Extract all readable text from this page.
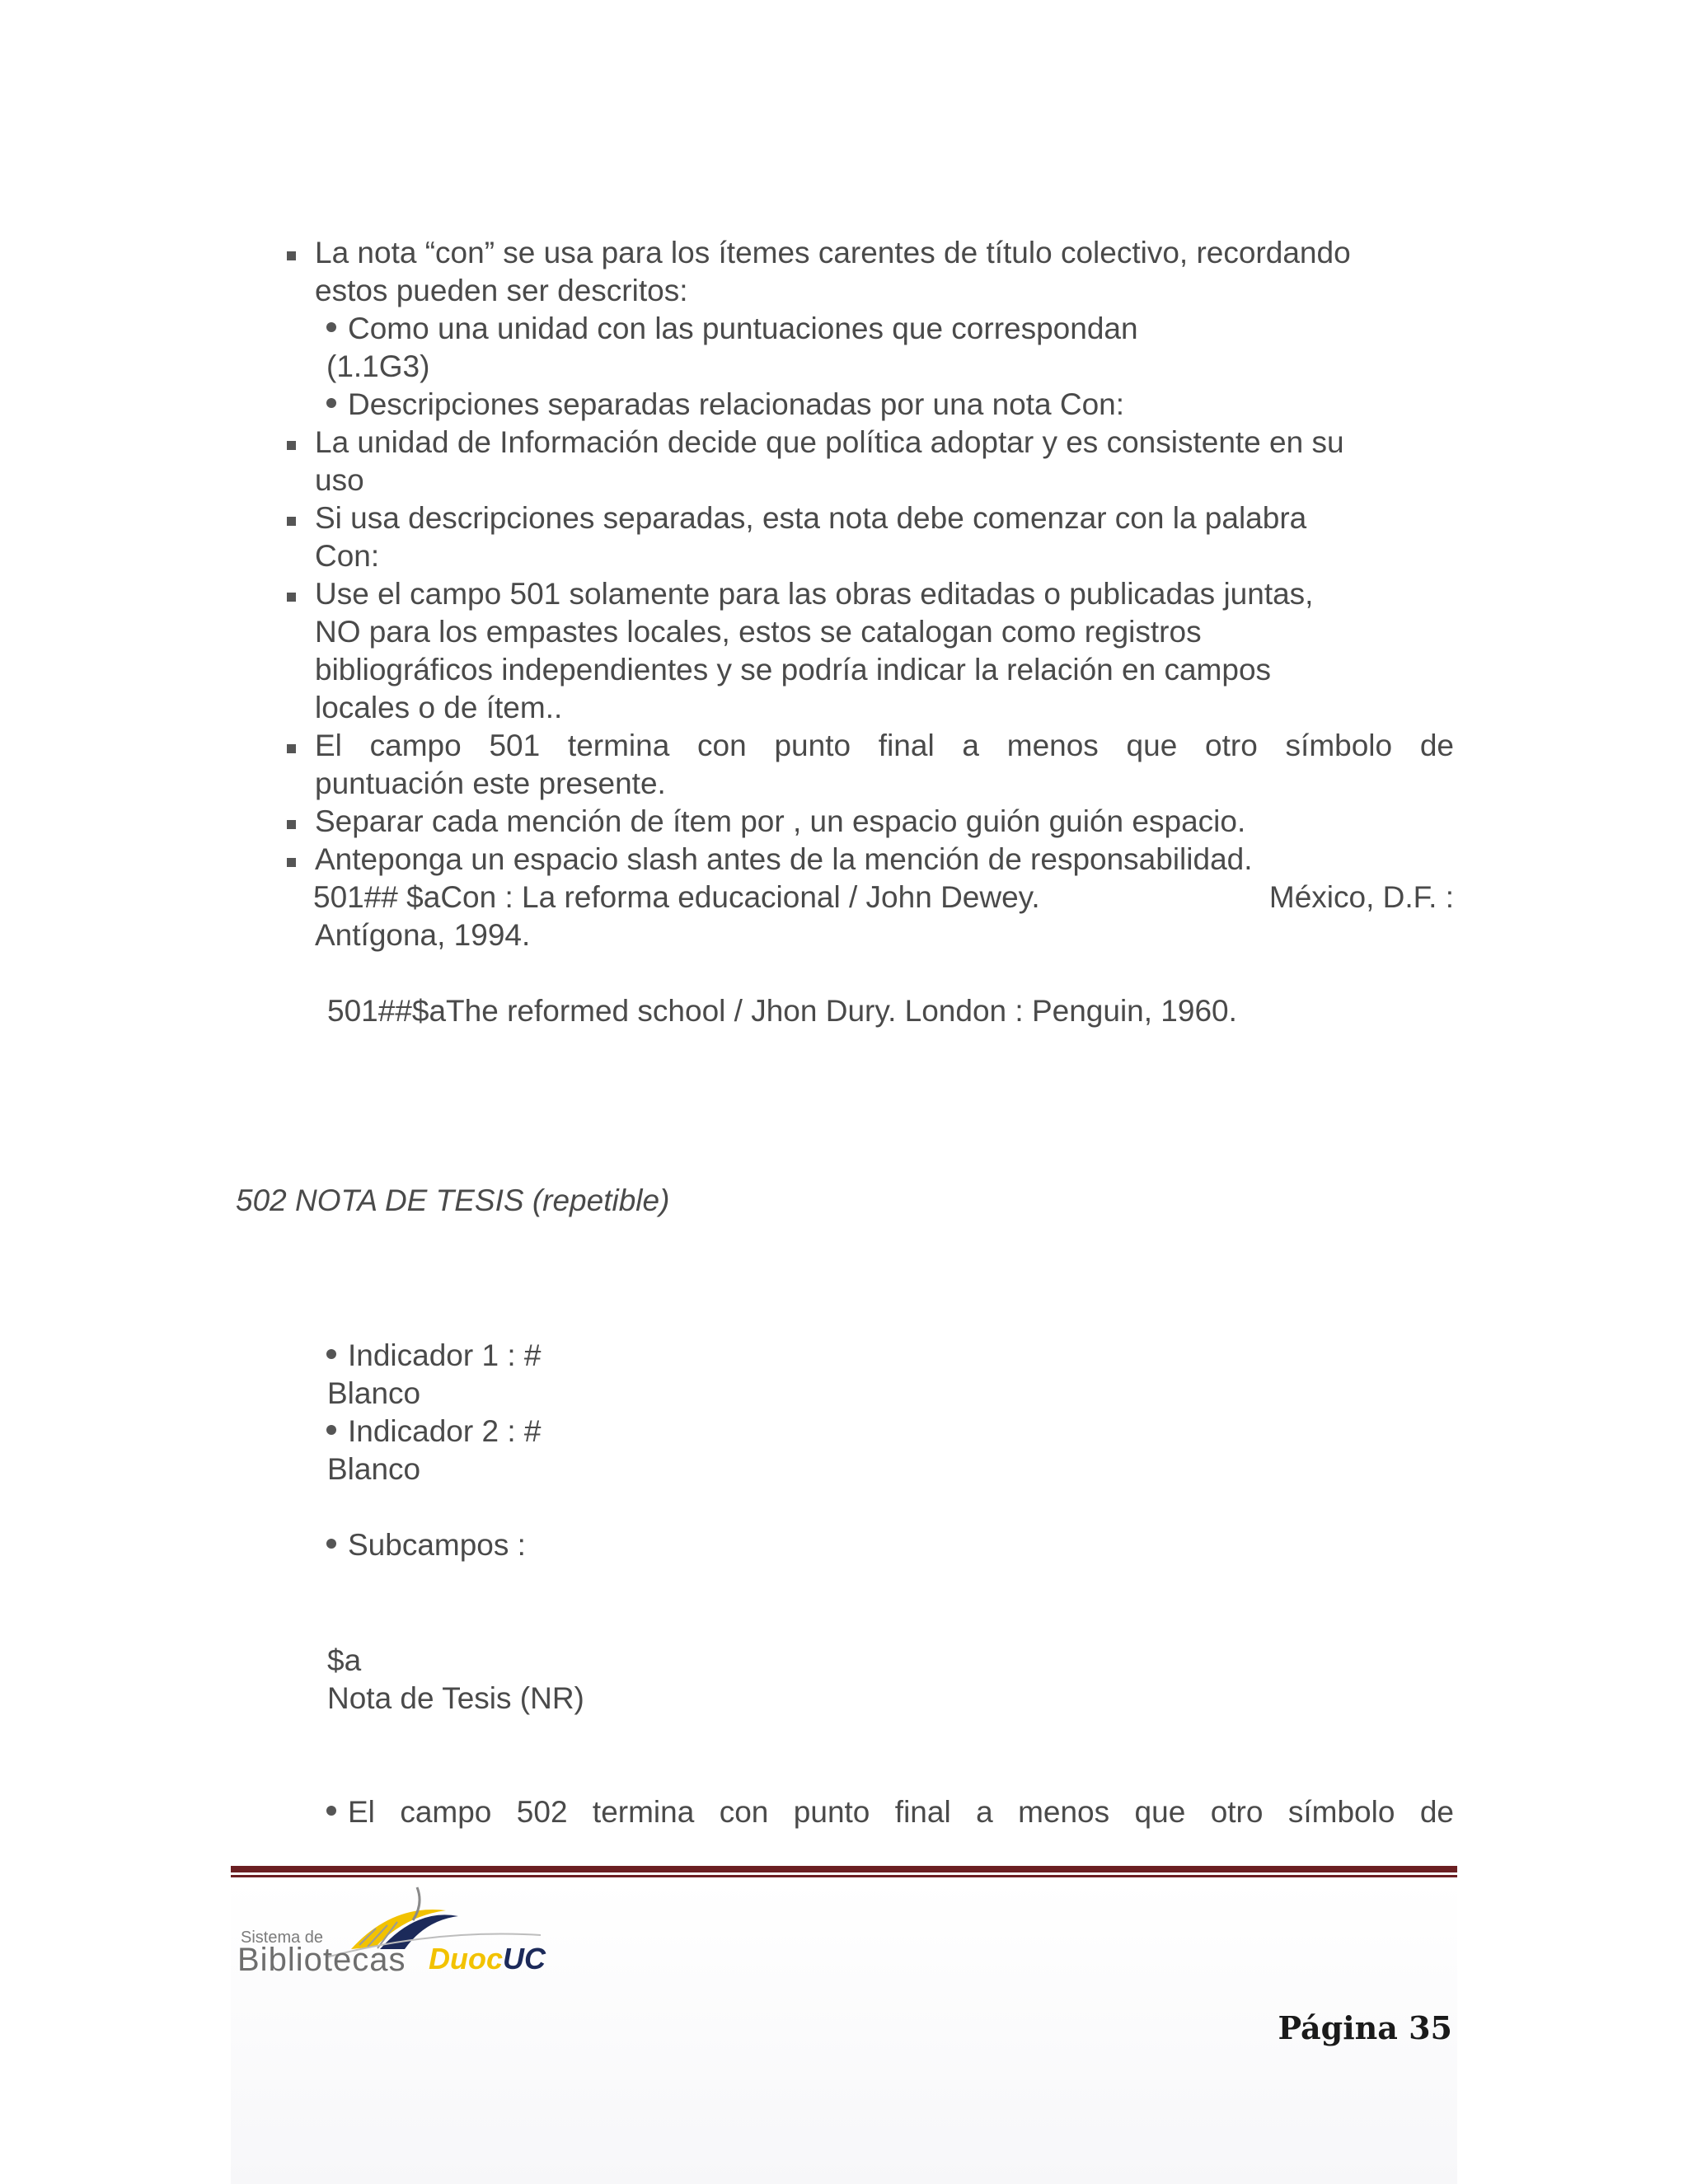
La nota “con” se usa para los ítemes carentes de título colectivo, recordando

estos pueden ser descritos:

Como una unidad con las puntuaciones que correspondan

(1.1G3)

Descripciones separadas relacionadas por una nota Con:

La unidad de Información decide que política adoptar y es consistente en su

uso

Si usa descripciones separadas, esta nota debe comenzar con la palabra

Con:

Use el campo 501 solamente para las obras editadas o publicadas juntas,

NO para los empastes locales, estos se catalogan como registros

bibliográficos independientes y se podría indicar la relación en campos

locales o de ítem..

El campo 501 termina con punto final a menos que otro símbolo de

puntuación este presente.

Separar cada mención de ítem por , un espacio guión guión espacio.

Anteponga un espacio slash antes de la mención de responsabilidad.

501## $aCon : La reforma educacional / John Dewey.	México, D.F. :

Antígona, 1994.

501##$aThe reformed school / Jhon Dury. London : Penguin, 1960.

502 NOTA DE TESIS (repetible)

Indicador 1 : #

Blanco

Indicador 2 : #

Blanco

Subcampos :

$a

Nota de Tesis (NR)

El campo 502 termina con punto final a menos que otro símbolo de

Sistema de
Bibliotecas DuocUC
Página 35
